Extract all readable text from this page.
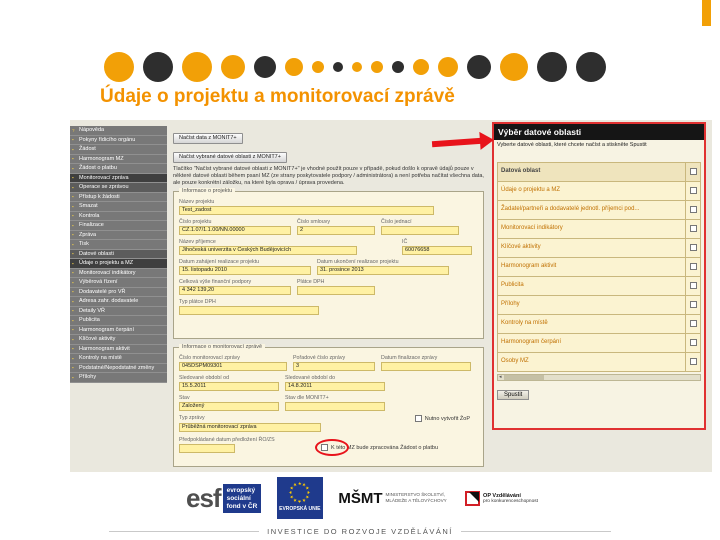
Údaje o projektu a monitorovací zprávě
? Nápověda
▪ Pokyny řídicího orgánu
▪ Žádost
▪ Harmonogram MZ
▪ Žádost o platbu
▪ Monitorovací zpráva
▪ Operace se zprávou
▪ Přístup k žádosti
▪ Smazat
▪ Kontrola
▪ Finalizace
▪ Zpráva
▪ Tisk
▪ Datové oblasti
▪ Údaje o projektu a MZ
▪ Monitorovací indikátory
▪ Výběrová řízení
▪ Dodavatelé pro VŘ
▪ Adresa zahr. dodavatele
▪ Detaily VŘ
▪ Publicita
▪ Harmonogram čerpání
▪ Klíčové aktivity
▪ Harmonogram aktivit
▪ Kontroly na místě
▪ Podstatné/Nepodstatné změny
▪ Přílohy
Načíst data z MONIT7+
Načíst vybrané datové oblasti z MONIT7+
Tlačítko "Načíst vybrané datové oblasti z MONIT7+" je vhodné použít pouze v případě, pokud došlo k opravě údajů pouze v některé datové oblasti během psaní MZ (ze strany poskytovatele podpory / administrátora) a není potřeba načítat všechna data, ale pouze konkrétní záložku, na které byla oprava / úprava provedena.
Informace o projektu
Název projektu
Test_zadost
Číslo projektu
CZ.1.07/1.1.00/NN.00000
Číslo smlouvy
2
Číslo jednací
Název příjemce
Jihočeská univerzita v Českých Budějovicích
IČ
60076658
Datum zahájení realizace projektu
15. listopadu 2010
Datum ukončení realizace projektu
31. prosince 2013
Celková výše finanční podpory
4 342 139,20
Plátce DPH
Typ plátce DPH
Informace o monitorovací zprávě
Číslo monitorovací zprávy
045DSPM09301
Pořadové číslo zprávy
3
Datum finalizace zprávy
Sledované období od
15.5.2011
Sledované období do
14.8.2011
Stav
Založený
Stav dle MONIT7+
Typ zprávy	Nutno vytvořit ŽoP
Průběžná monitorovací zpráva
Předpokládané datum předložení ŘO/ZS
K této MZ bude zpracována Žádost o platbu
Výběr datové oblasti
Vyberte datové oblasti, které chcete načíst a stiskněte Spustit
Datová oblast
Údaje o projektu a MZ
Žadatel/partneři a dodavatelé jednotl. příjemci pod...
Monitorovací indikátory
Klíčové aktivity
Harmonogram aktivit
Publicita
Přílohy
Kontroly na místě
Harmonogram čerpání
Osoby MZ
◂
Spustit
esf evropský
sociální
fond v ČR
★ ★
★
★
★
★
★
★
★
★
★
★
EVROPSKÁ UNIE
MŠMT MINISTERSTVO ŠKOLSTVÍ, MLÁDEŽE A TĚLOVÝCHOVY
OP Vzdělávání
pro konkurenceschopnost
INVESTICE DO ROZVOJE VZDĚLÁVÁNÍ
